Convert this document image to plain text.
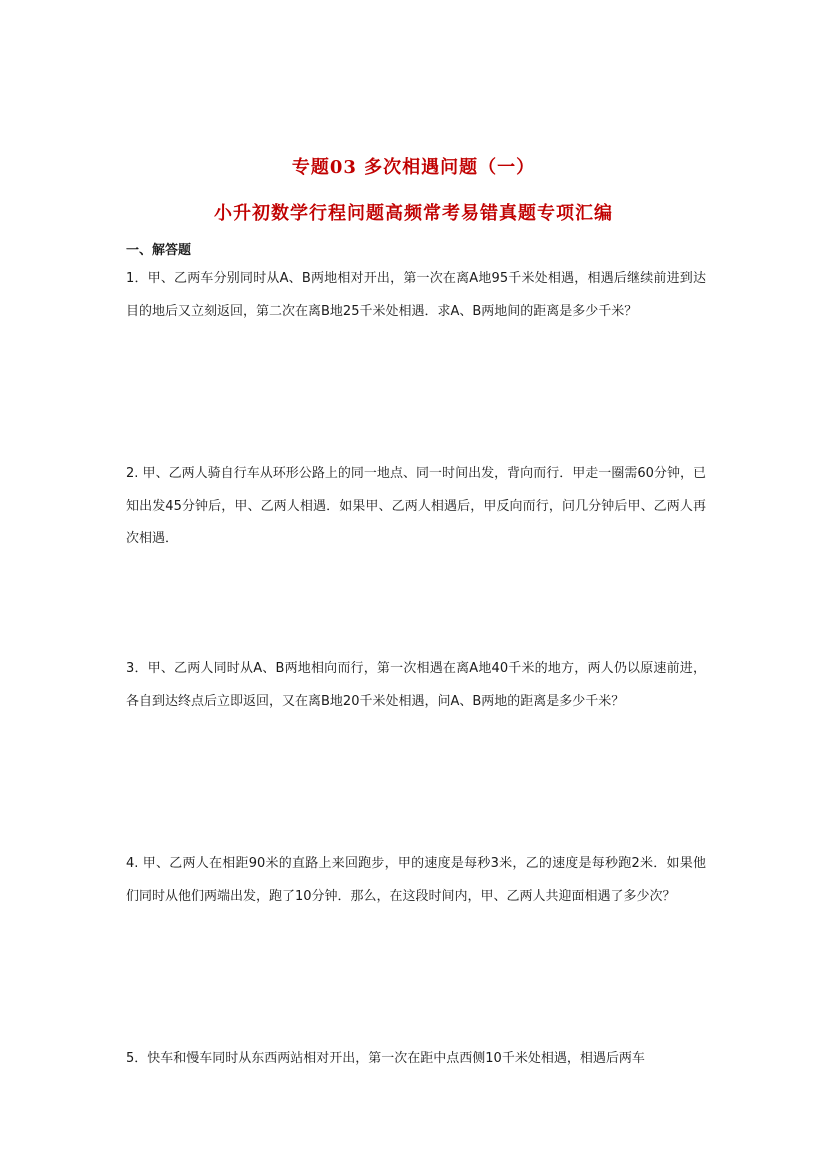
专题03 多次相遇问题（一）
小升初数学行程问题高频常考易错真题专项汇编
一、解答题
1．甲、乙两车分别同时从A、B两地相对开出，第一次在离A地95千米处相遇，相遇后继续前进到达目的地后又立刻返回，第二次在离B地25千米处相遇．求A、B两地间的距离是多少千米？
2. 甲、乙两人骑自行车从环形公路上的同一地点、同一时间出发，背向而行．甲走一圈需60分钟，已知出发45分钟后，甲、乙两人相遇．如果甲、乙两人相遇后，甲反向而行，问几分钟后甲、乙两人再次相遇．
3．甲、乙两人同时从A、B两地相向而行，第一次相遇在离A地40千米的地方，两人仍以原速前进，各自到达终点后立即返回，又在离B地20千米处相遇，问A、B两地的距离是多少千米？
4. 甲、乙两人在相距90米的直路上来回跑步，甲的速度是每秒3米，乙的速度是每秒跑2米．如果他们同时从他们两端出发，跑了10分钟．那么，在这段时间内，甲、乙两人共迎面相遇了多少次？
5．快车和慢车同时从东西两站相对开出，第一次在距中点西侧10千米处相遇，相遇后两车
